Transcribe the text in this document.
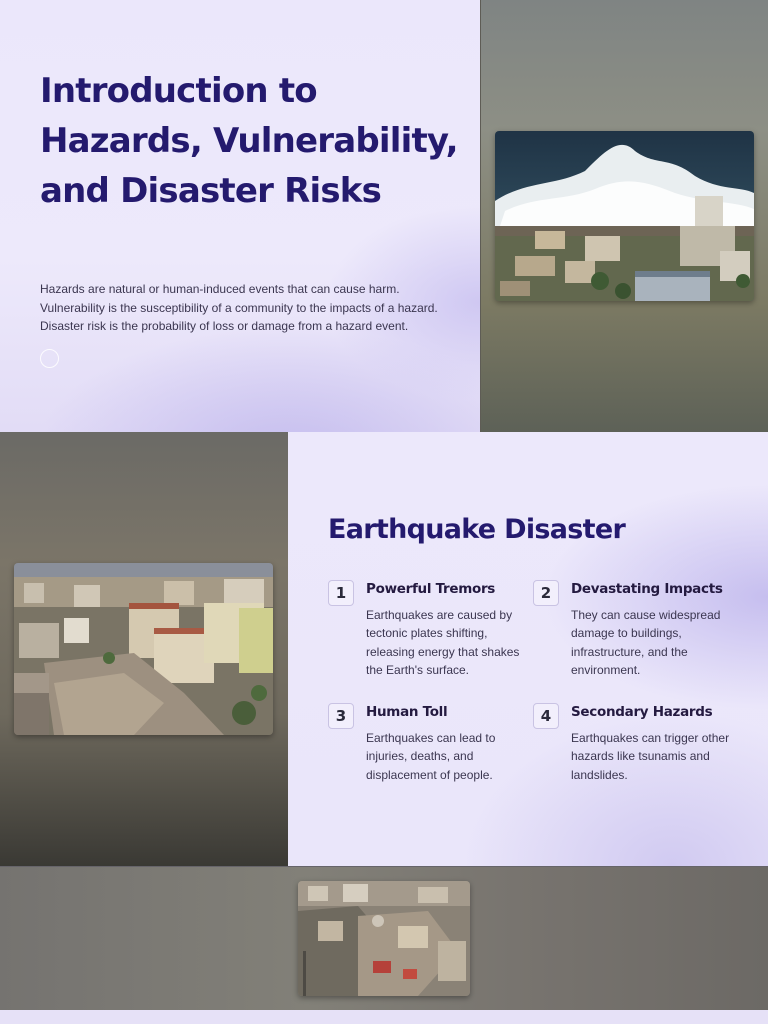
Introduction to Hazards, Vulnerability, and Disaster Risks
Hazards are natural or human-induced events that can cause harm.
Vulnerability is the susceptibility of a community to the impacts of a hazard.
Disaster risk is the probability of loss or damage from a hazard event.
Earthquake Disaster
1	Powerful Tremors
Earthquakes are caused by
tectonic plates shifting,
releasing energy that shakes
the Earth's surface.
2	Devastating Impacts
They can cause widespread
damage to buildings,
infrastructure, and the
environment.
3	Human Toll
Earthquakes can lead to
injuries, deaths, and
displacement of people.
4	Secondary Hazards
Earthquakes can trigger other
hazards like tsunamis and
landslides.
